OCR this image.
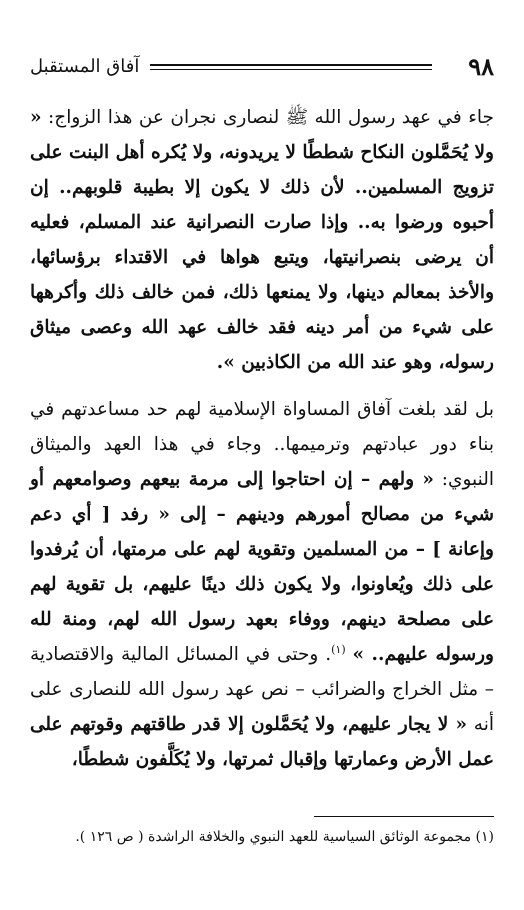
٩٨
آفاق المستقبل

جاء في عهد رسول الله ﷺ لنصارى نجران عن هذا الزواج: « ولا يُحَمَّلون النكاح شططًا لا يريدونه، ولا يُكره أهل البنت على تزويج المسلمين.. لأن ذلك لا يكون إلا بطيبة قلوبهم.. إن أحبوه ورضوا به.. وإذا صارت النصرانية عند المسلم، فعليه أن يرضى بنصرانيتها، ويتبع هواها في الاقتداء برؤسائها، والأخذ بمعالم دينها، ولا يمنعها ذلك، فمن خالف ذلك وأكرهها على شيء من أمر دينه فقد خالف عهد الله وعصى ميثاق رسوله، وهو عند الله من الكاذبين ».

بل لقد بلغت آفاق المساواة الإسلامية لهم حد مساعدتهم في بناء دور عبادتهم وترميمها.. وجاء في هذا العهد والميثاق النبوي: « ولهم – إن احتاجوا إلى مرمة بيعهم وصوامعهم أو شيء من مصالح أمورهم ودينهم – إلى « رفد [ أي دعم وإعانة ] – من المسلمين وتقوية لهم على مرمتها، أن يُرفدوا على ذلك ويُعاونوا، ولا يكون ذلك دينًا عليهم، بل تقوية لهم على مصلحة دينهم، ووفاء بعهد رسول الله لهم، ومنة لله ورسوله عليهم.. » $^{(١)}$. وحتى في المسائل المالية والاقتصادية – مثل الخراج والضرائب – نص عهد رسول الله للنصارى على أنه « لا يجار عليهم، ولا يُحَمَّلون إلا قدر طاقتهم وقوتهم على عمل الأرض وعمارتها وإقبال ثمرتها، ولا يُكَلَّفون شططًا،

(١) مجموعة الوثائق السياسية للعهد النبوي والخلافة الراشدة ( ص ١٢٦ ).
